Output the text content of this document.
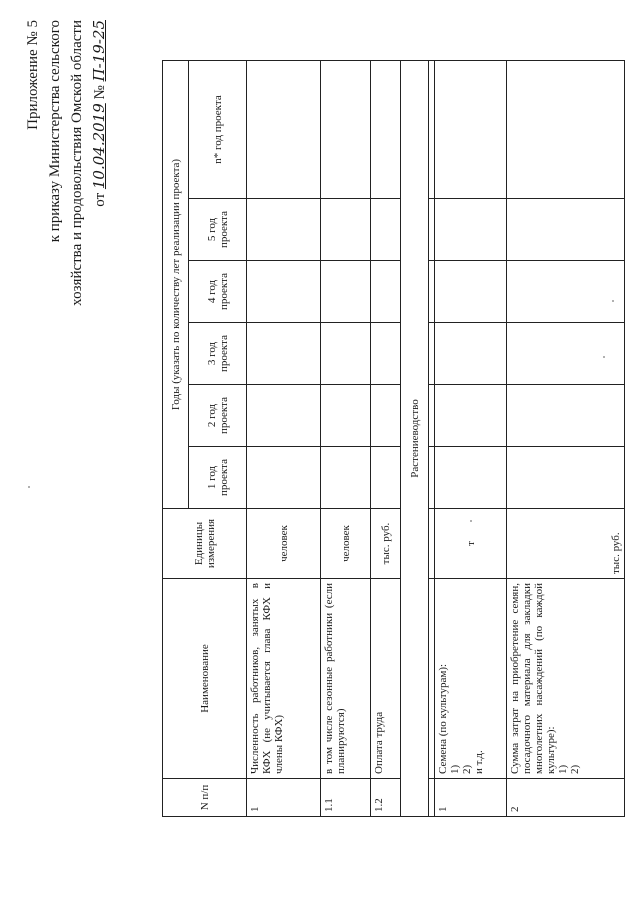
Приложение № 5 к приказу Министерства сельского хозяйства и продовольствия Омской области от 10.04.2019 № П-19-25
N п/п	Наименование	Единицы измерения	Годы (указать по количеству лет реализации проекта)					
			1 год проекта	2 год проекта	3 год проекта	4 год проекта	5 год проекта	n* год проекта
1	Численность работников, занятых в КФХ (не учитывается глава КФХ и члены КФХ)	человек						
1.1	в том числе сезонные работники (если планируются)	человек						
1.2	Оплата труда	тыс. руб.						
Растениеводство								

1	Семена (по культурам): 1) 2) и т.д.	т						
2	Сумма затрат на приобретение семян, посадочного материала для закладки многолетних насаждений (по каждой культуре): 1) 2)	тыс. руб.						
